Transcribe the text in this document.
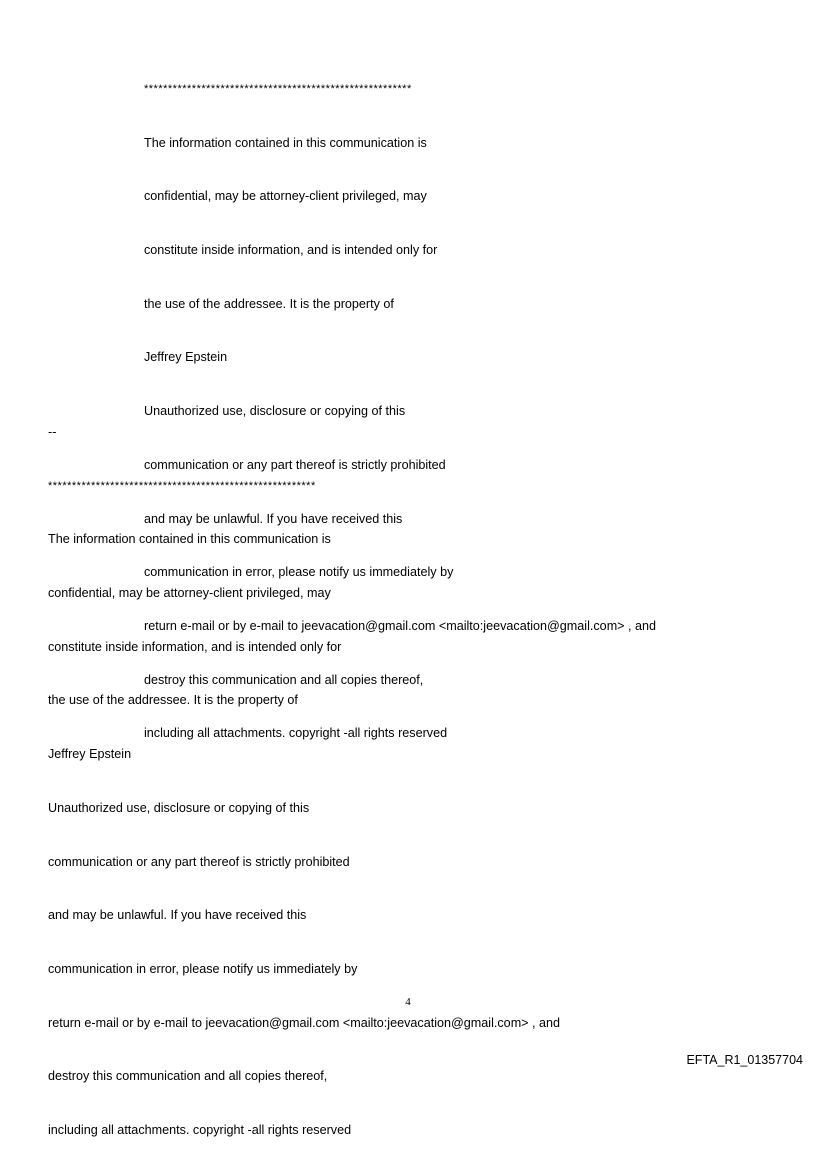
********************************************************

The information contained in this communication is

confidential, may be attorney-client privileged, may

constitute inside information, and is intended only for

the use of the addressee. It is the property of

Jeffrey Epstein

Unauthorized use, disclosure or copying of this

communication or any part thereof is strictly prohibited

and may be unlawful. If you have received this

communication in error, please notify us immediately by

return e-mail or by e-mail to jeevacation@gmail.com <mailto:jeevacation@gmail.com> , and

destroy this communication and all copies thereof,

including all attachments. copyright -all rights reserved

--

********************************************************

The information contained in this communication is

confidential, may be attorney-client privileged, may

constitute inside information, and is intended only for

the use of the addressee. It is the property of

Jeffrey Epstein

Unauthorized use, disclosure or copying of this

communication or any part thereof is strictly prohibited

and may be unlawful. If you have received this

communication in error, please notify us immediately by

return e-mail or by e-mail to jeevacation@gmail.com <mailto:jeevacation@gmail.com> , and

destroy this communication and all copies thereof,

including all attachments. copyright -all rights reserved

4
EFTA_R1_01357704
